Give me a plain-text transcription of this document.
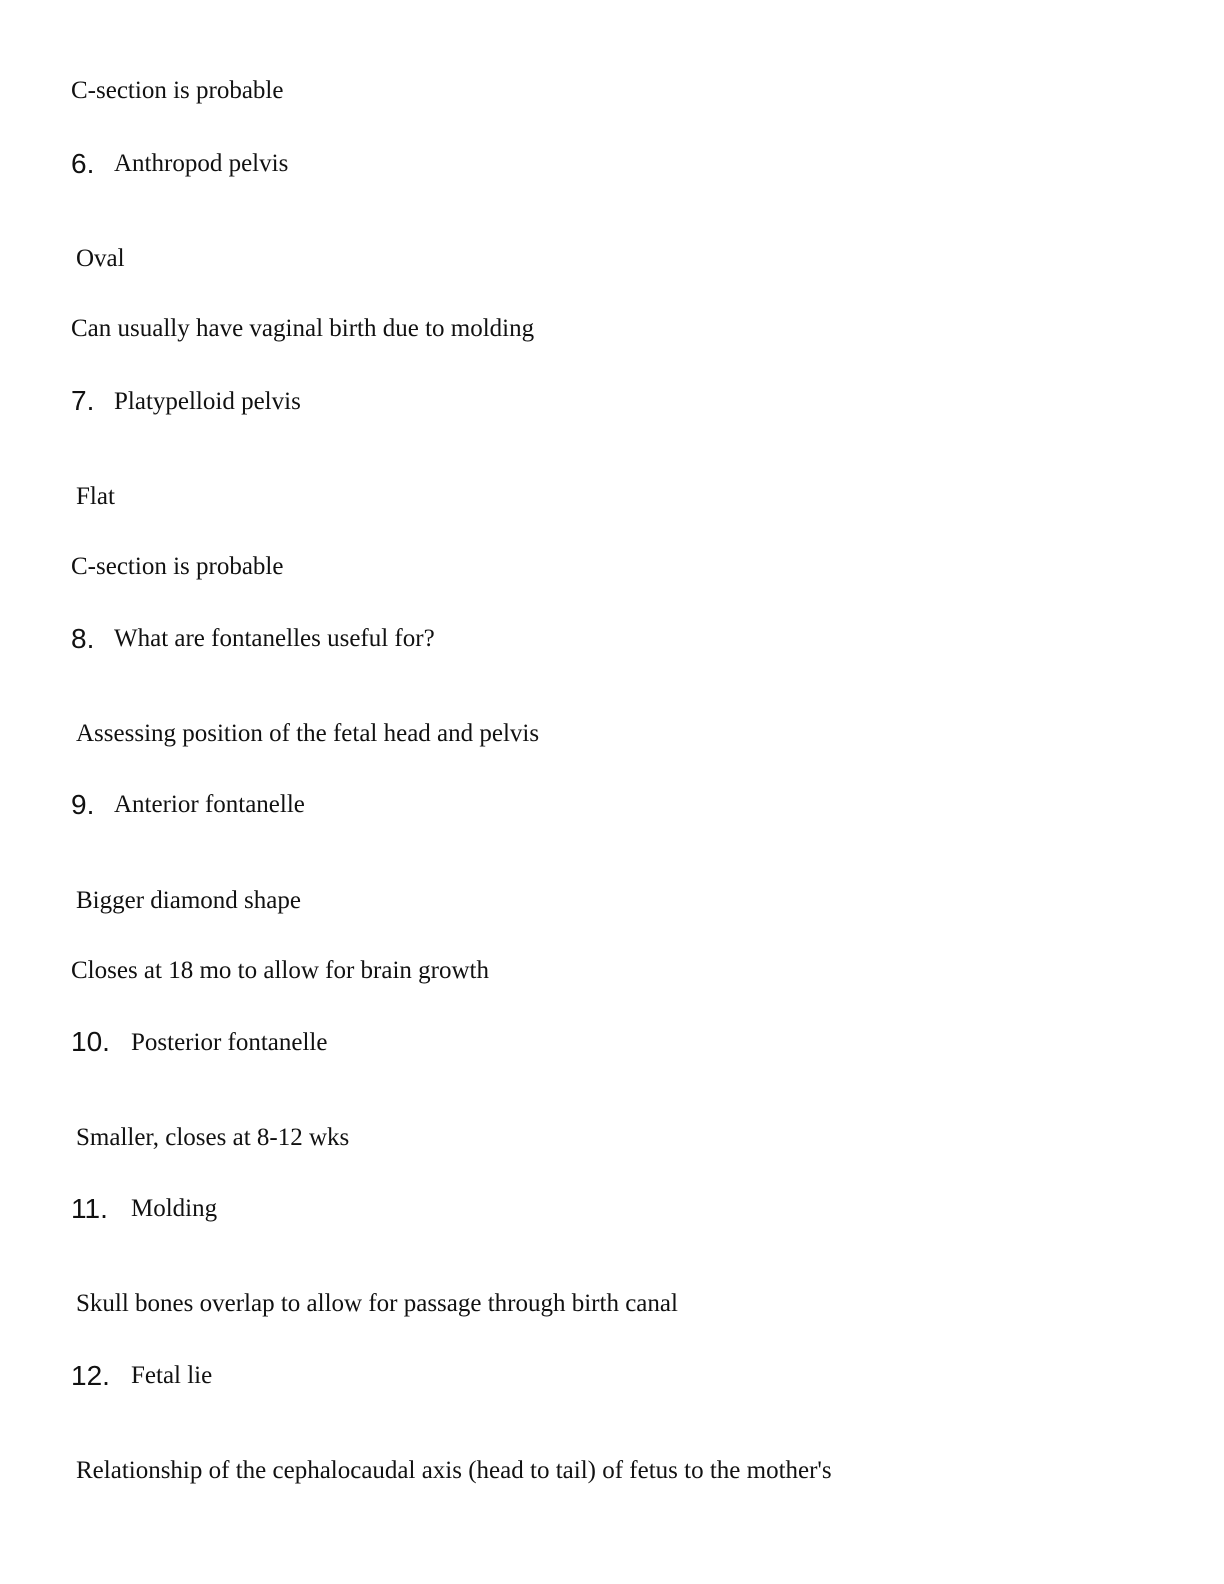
C-section is probable
6. Anthropod pelvis
Oval
Can usually have vaginal birth due to molding
7. Platypelloid pelvis
Flat
C-section is probable
8. What are fontanelles useful for?
Assessing position of the fetal head and pelvis
9. Anterior fontanelle
Bigger diamond shape
Closes at 18 mo to allow for brain growth
10. Posterior fontanelle
Smaller, closes at 8-12 wks
11. Molding
Skull bones overlap to allow for passage through birth canal
12. Fetal lie
Relationship of the cephalocaudal axis (head to tail) of fetus to the mother's
